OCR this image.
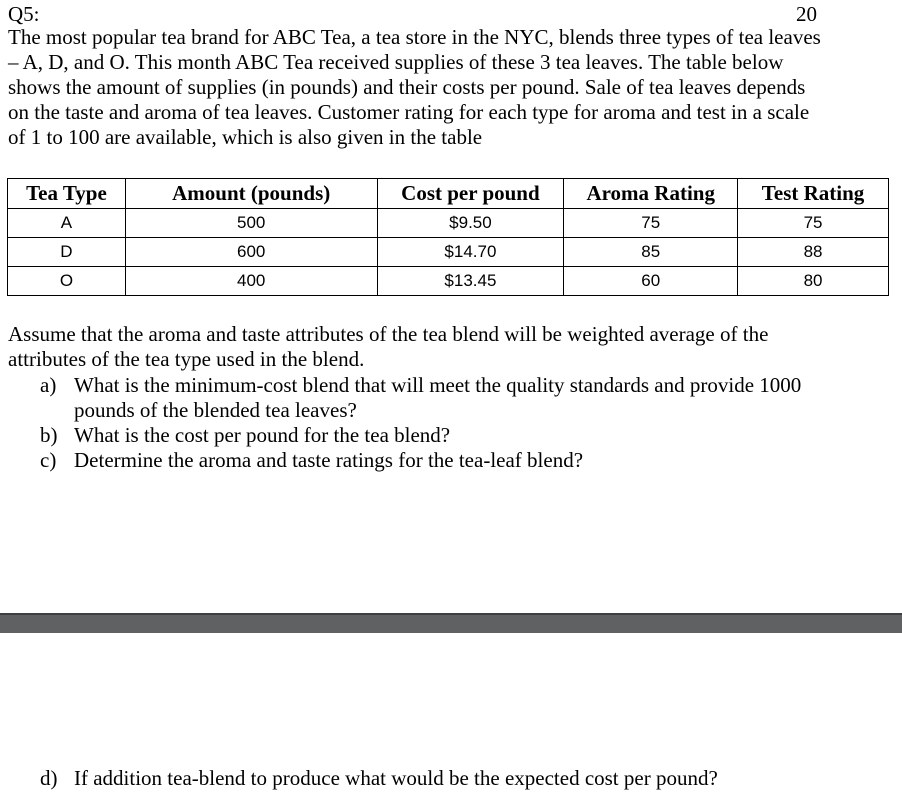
Q5:	20
The most popular tea brand for ABC Tea, a tea store in the NYC, blends three types of tea leaves
– A, D, and O. This month ABC Tea received supplies of these 3 tea leaves. The table below
shows the amount of supplies (in pounds) and their costs per pound. Sale of tea leaves depends
on the taste and aroma of tea leaves. Customer rating for each type for aroma and test in a scale
of 1 to 100 are available, which is also given in the table
Tea Type	Amount (pounds)	Cost per pound	Aroma Rating	Test Rating
A	500	$9.50	75	75
D	600	$14.70	85	88
O	400	$13.45	60	80
Assume that the aroma and taste attributes of the tea blend will be weighted average of the
attributes of the tea type used in the blend.
a) What is the minimum-cost blend that will meet the quality standards and provide 1000
pounds of the blended tea leaves?
b) What is the cost per pound for the tea blend?
c) Determine the aroma and taste ratings for the tea-leaf blend?
d) If addition tea-blend to produce what would be the expected cost per pound?
